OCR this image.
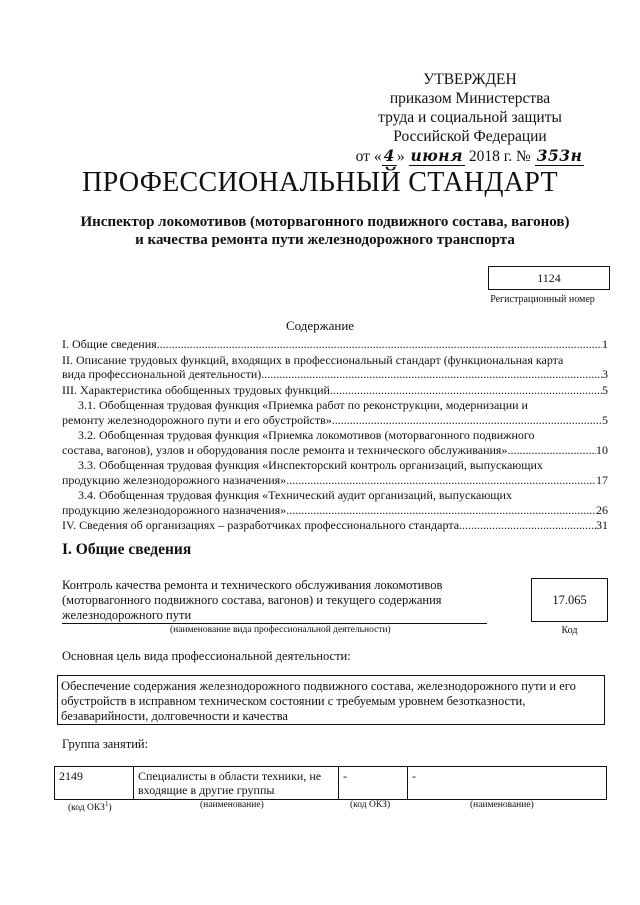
УТВЕРЖДЕН
приказом Министерства
труда и социальной защиты
Российской Федерации
от « 4 » июня 2018 г. № 353н
ПРОФЕССИОНАЛЬНЫЙ СТАНДАРТ
Инспектор локомотивов (моторвагонного подвижного состава, вагонов)
и качества ремонта пути железнодорожного транспорта
1124
Регистрационный номер
Содержание
I. Общие сведения .....	1
II. Описание трудовых функций, входящих в профессиональный стандарт (функциональная карта
вида профессиональной деятельности) .....	3
III. Характеристика обобщенных трудовых функций .....	5
3.1. Обобщенная трудовая функция «Приемка работ по реконструкции, модернизации и
ремонту железнодорожного пути и его обустройств» .....	5
3.2. Обобщенная трудовая функция «Приемка локомотивов (моторвагонного подвижного
состава, вагонов), узлов и оборудования после ремонта и технического обслуживания» .....	10
3.3. Обобщенная трудовая функция «Инспекторский контроль организаций, выпускающих
продукцию железнодорожного назначения» .....	17
3.4. Обобщенная трудовая функция «Технический аудит организаций, выпускающих
продукцию железнодорожного назначения» .....	26
IV. Сведения об организациях – разработчиках профессионального стандарта .....	31
I. Общие сведения
Контроль качества ремонта и технического обслуживания локомотивов
(моторвагонного подвижного состава, вагонов) и текущего содержания
железнодорожного пути
(наименование вида профессиональной деятельности)
17.065
Код
Основная цель вида профессиональной деятельности:
Обеспечение содержания железнодорожного подвижного состава, железнодорожного пути и его обустройств в исправном техническом состоянии с требуемым уровнем безотказности, безаварийности, долговечности и качества
Группа занятий:
2149	Специалисты в области техники, не входящие в другие группы	-	-
(код ОКЗ$^1$)	(наименование)	(код ОКЗ)	(наименование)
